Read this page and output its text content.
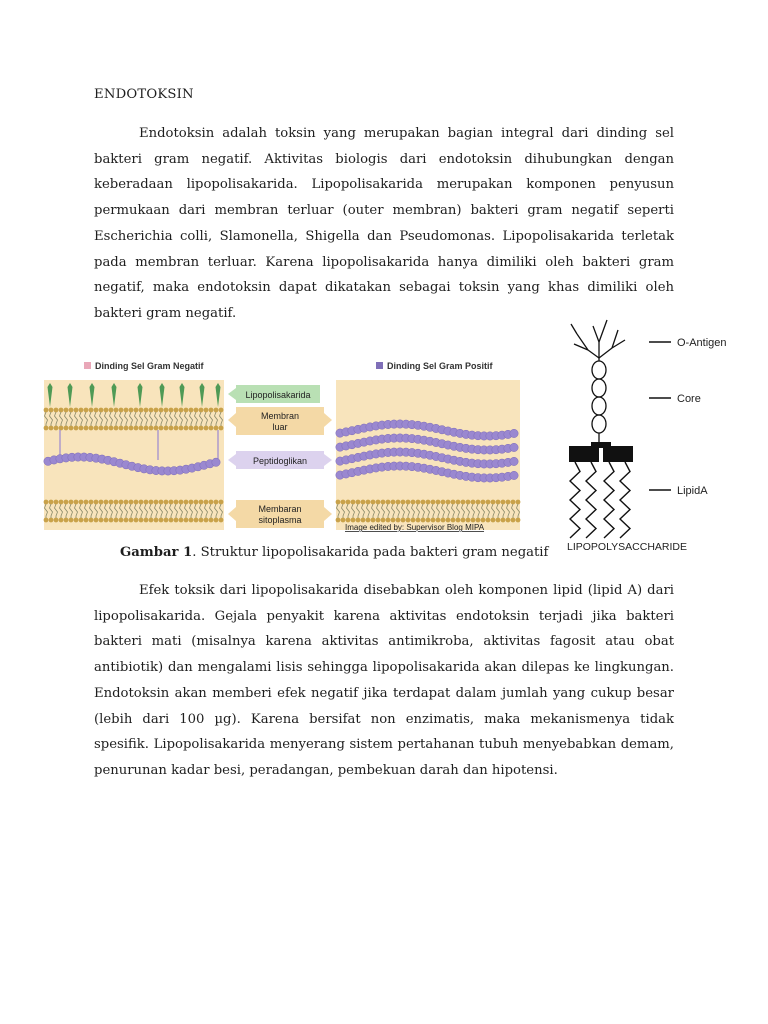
ENDOTOKSIN

Endotoksin adalah toksin yang merupakan bagian integral dari dinding sel bakteri gram negatif. Aktivitas biologis dari endotoksin dihubungkan dengan keberadaan lipopolisakarida. Lipopolisakarida merupakan komponen penyusun permukaan dari membran terluar (outer membran) bakteri gram negatif seperti Escherichia colli, Slamonella, Shigella dan Pseudomonas. Lipopolisakarida terletak pada membran terluar. Karena lipopolisakarida hanya dimiliki oleh bakteri gram negatif, maka endotoksin dapat dikatakan sebagai toksin yang khas dimiliki oleh bakteri gram negatif.

Dinding Sel Gram Negatif	Dinding Sel Gram Positif
Lipopolisakarida
Membran
luar
Peptidoglikan
Membaran
sitoplasma
Image edited by: Supervisor Blog MIPA
Gambar 1. Struktur lipopolisakarida pada bakteri gram negatif
O-Antigen
Core
LipidA
LIPOPOLYSACCHARIDE

Efek toksik dari lipopolisakarida disebabkan oleh komponen lipid (lipid A) dari lipopolisakarida. Gejala penyakit karena aktivitas endotoksin terjadi jika bakteri bakteri mati (misalnya karena aktivitas antimikroba, aktivitas fagosit atau obat antibiotik) dan mengalami lisis sehingga lipopolisakarida akan dilepas ke lingkungan. Endotoksin akan memberi efek negatif jika terdapat dalam jumlah yang cukup besar (lebih dari 100 µg). Karena bersifat non enzimatis, maka mekanismenya tidak spesifik. Lipopolisakarida menyerang sistem pertahanan tubuh menyebabkan demam, penurunan kadar besi, peradangan, pembekuan darah dan hipotensi.
